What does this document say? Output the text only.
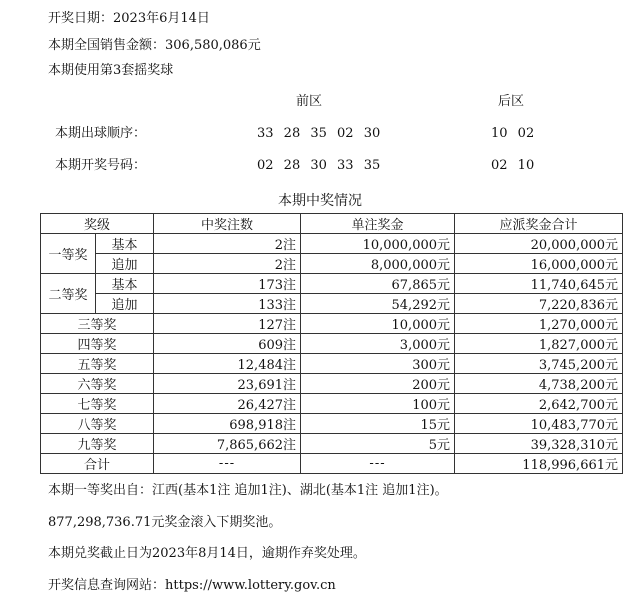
开奖日期：2023年6月14日
本期全国销售金额：306,580,086元
本期使用第3套摇奖球
前区	后区
本期出球顺序：	33 28 35 02 30	10 02
本期开奖号码：	02 28 30 33 35	02 10
本期中奖情况
奖级		中奖注数	单注奖金	应派奖金合计
一等奖	基本	2注	10,000,000元	20,000,000元
	追加	2注	8,000,000元	16,000,000元
二等奖	基本	173注	67,865元	11,740,645元
	追加	133注	54,292元	7,220,836元
三等奖		127注	10,000元	1,270,000元
四等奖		609注	3,000元	1,827,000元
五等奖		12,484注	300元	3,745,200元
六等奖		23,691注	200元	4,738,200元
七等奖		26,427注	100元	2,642,700元
八等奖		698,918注	15元	10,483,770元
九等奖		7,865,662注	5元	39,328,310元
合计		---	---	118,996,661元
本期一等奖出自：江西(基本1注 追加1注)、湖北(基本1注 追加1注)。
877,298,736.71元奖金滚入下期奖池。
本期兑奖截止日为2023年8月14日，逾期作弃奖处理。
开奖信息查询网站：https://www.lottery.gov.cn
